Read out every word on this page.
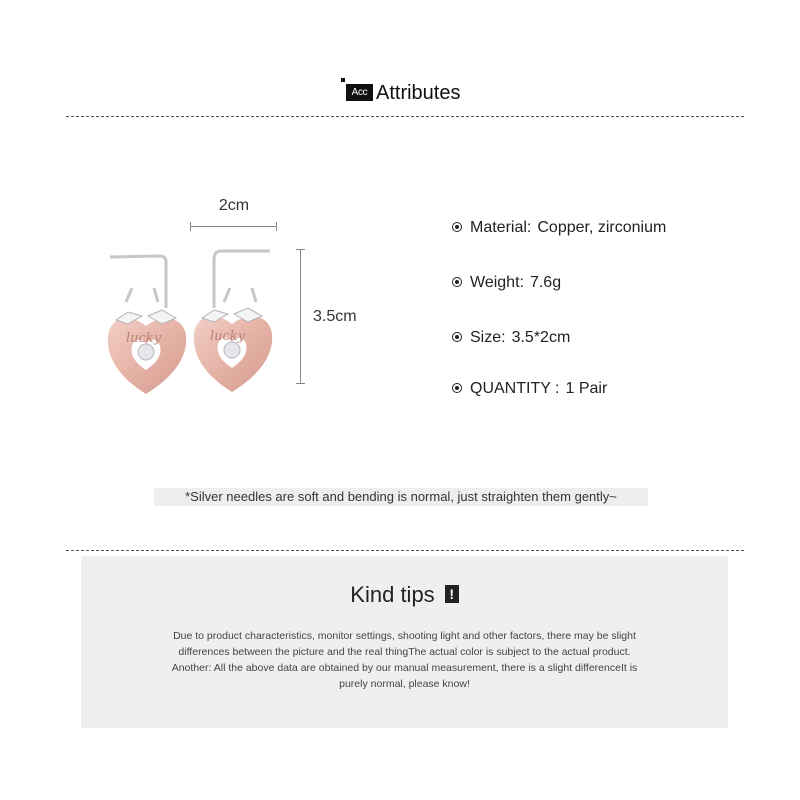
Acc Attributes
lucky	lucky
2cm
3.5cm
Material: Copper, zirconium
Weight: 7.6g
Size: 3.5*2cm
QUANTITY : 1 Pair
*Silver needles are soft and bending is normal, just straighten them gently~
Kind tips !
Due to product characteristics, monitor settings, shooting light and other factors, there may be slight
differences between the picture and the real thingThe actual color is subject to the actual product.
Another: All the above data are obtained by our manual measurement, there is a slight differenceIt is
purely normal, please know!
